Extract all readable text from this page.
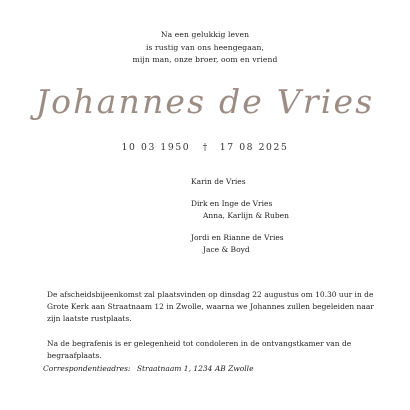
Na een gelukkig leven
is rustig van ons heengegaan,
mijn man, onze broer, oom en vriend
Johannes de Vries
10 03 1950 † 17 08 2025
Karin de Vries
Dirk en Inge de Vries
Anna, Karlijn & Ruben
Jordi en Rianne de Vries
Jace & Boyd
De afscheidsbijeenkomst zal plaatsvinden op dinsdag 22 augustus om 10.30 uur in de Grote Kerk aan Straatnaam 12 in Zwolle, waarna we Johannes zullen begeleiden naar zijn laatste rustplaats.
Na de begrafenis is er gelegenheid tot condoleren in de ontvangstkamer van de begraafplaats.
Correspondentieadres: Straatnaam 1, 1234 AB Zwolle
